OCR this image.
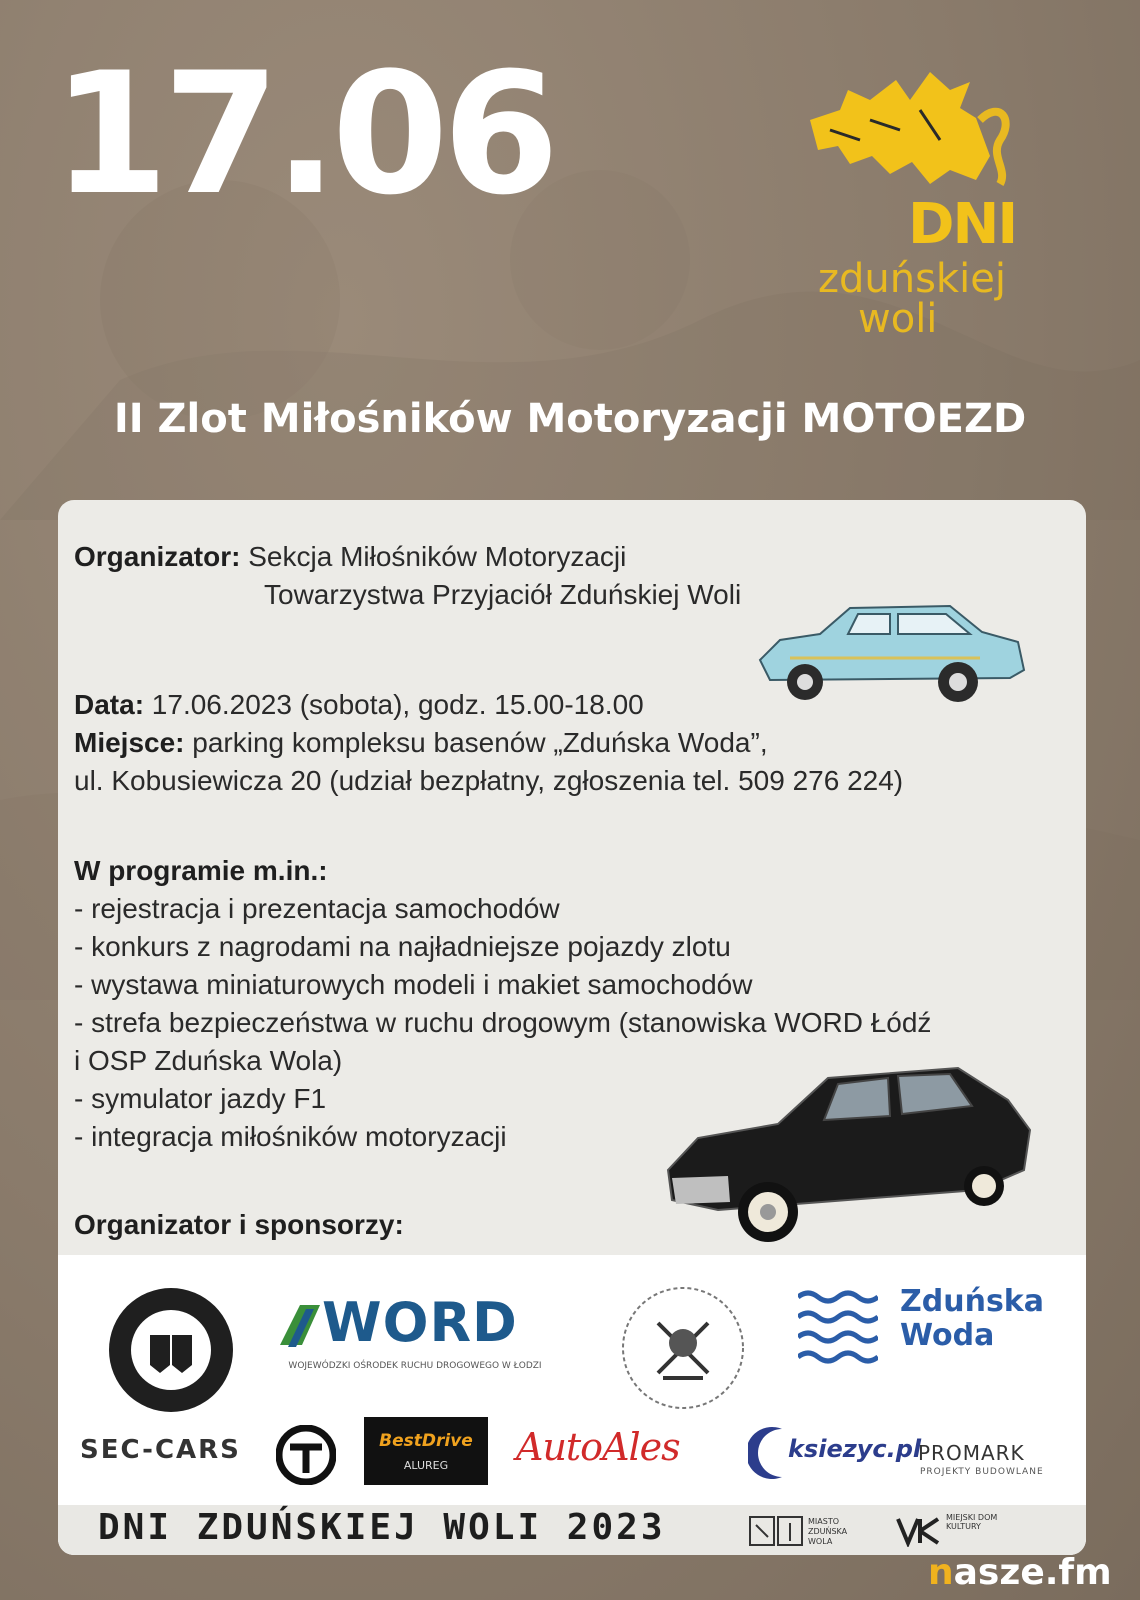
17.06	DNI
zduńskiej
woli
II Zlot Miłośników Motoryzacji MOTOEZD
Organizator: Sekcja Miłośników Motoryzacji
Towarzystwa Przyjaciół Zduńskiej Woli
Data: 17.06.2023 (sobota), godz. 15.00-18.00
Miejsce: parking kompleksu basenów „Zduńska Woda”,
ul. Kobusiewicza 20 (udział bezpłatny, zgłoszenia tel. 509 276 224)
W programie m.in.:
- rejestracja i prezentacja samochodów
- konkurs z nagrodami na najładniejsze pojazdy zlotu
- wystawa miniaturowych modeli i makiet samochodów
- strefa bezpieczeństwa w ruchu drogowym (stanowiska WORD Łódź
i OSP Zduńska Wola)
- symulator jazdy F1
- integracja miłośników motoryzacji
Organizator i sponsorzy:
WORD
WOJEWÓDZKI OŚRODEK RUCHU DROGOWEGO W ŁODZI
Zduńska
Woda
SEC-CARS	BestDrive
ALUREG	AutoAles	ksiezyc.pl
PROMARK
PROJEKTY BUDOWLANE
DNI ZDUŃSKIEJ WOLI 2023	MIASTO ZDUŃSKA WOLA
MIEJSKI DOM KULTURY
nasze.fm
